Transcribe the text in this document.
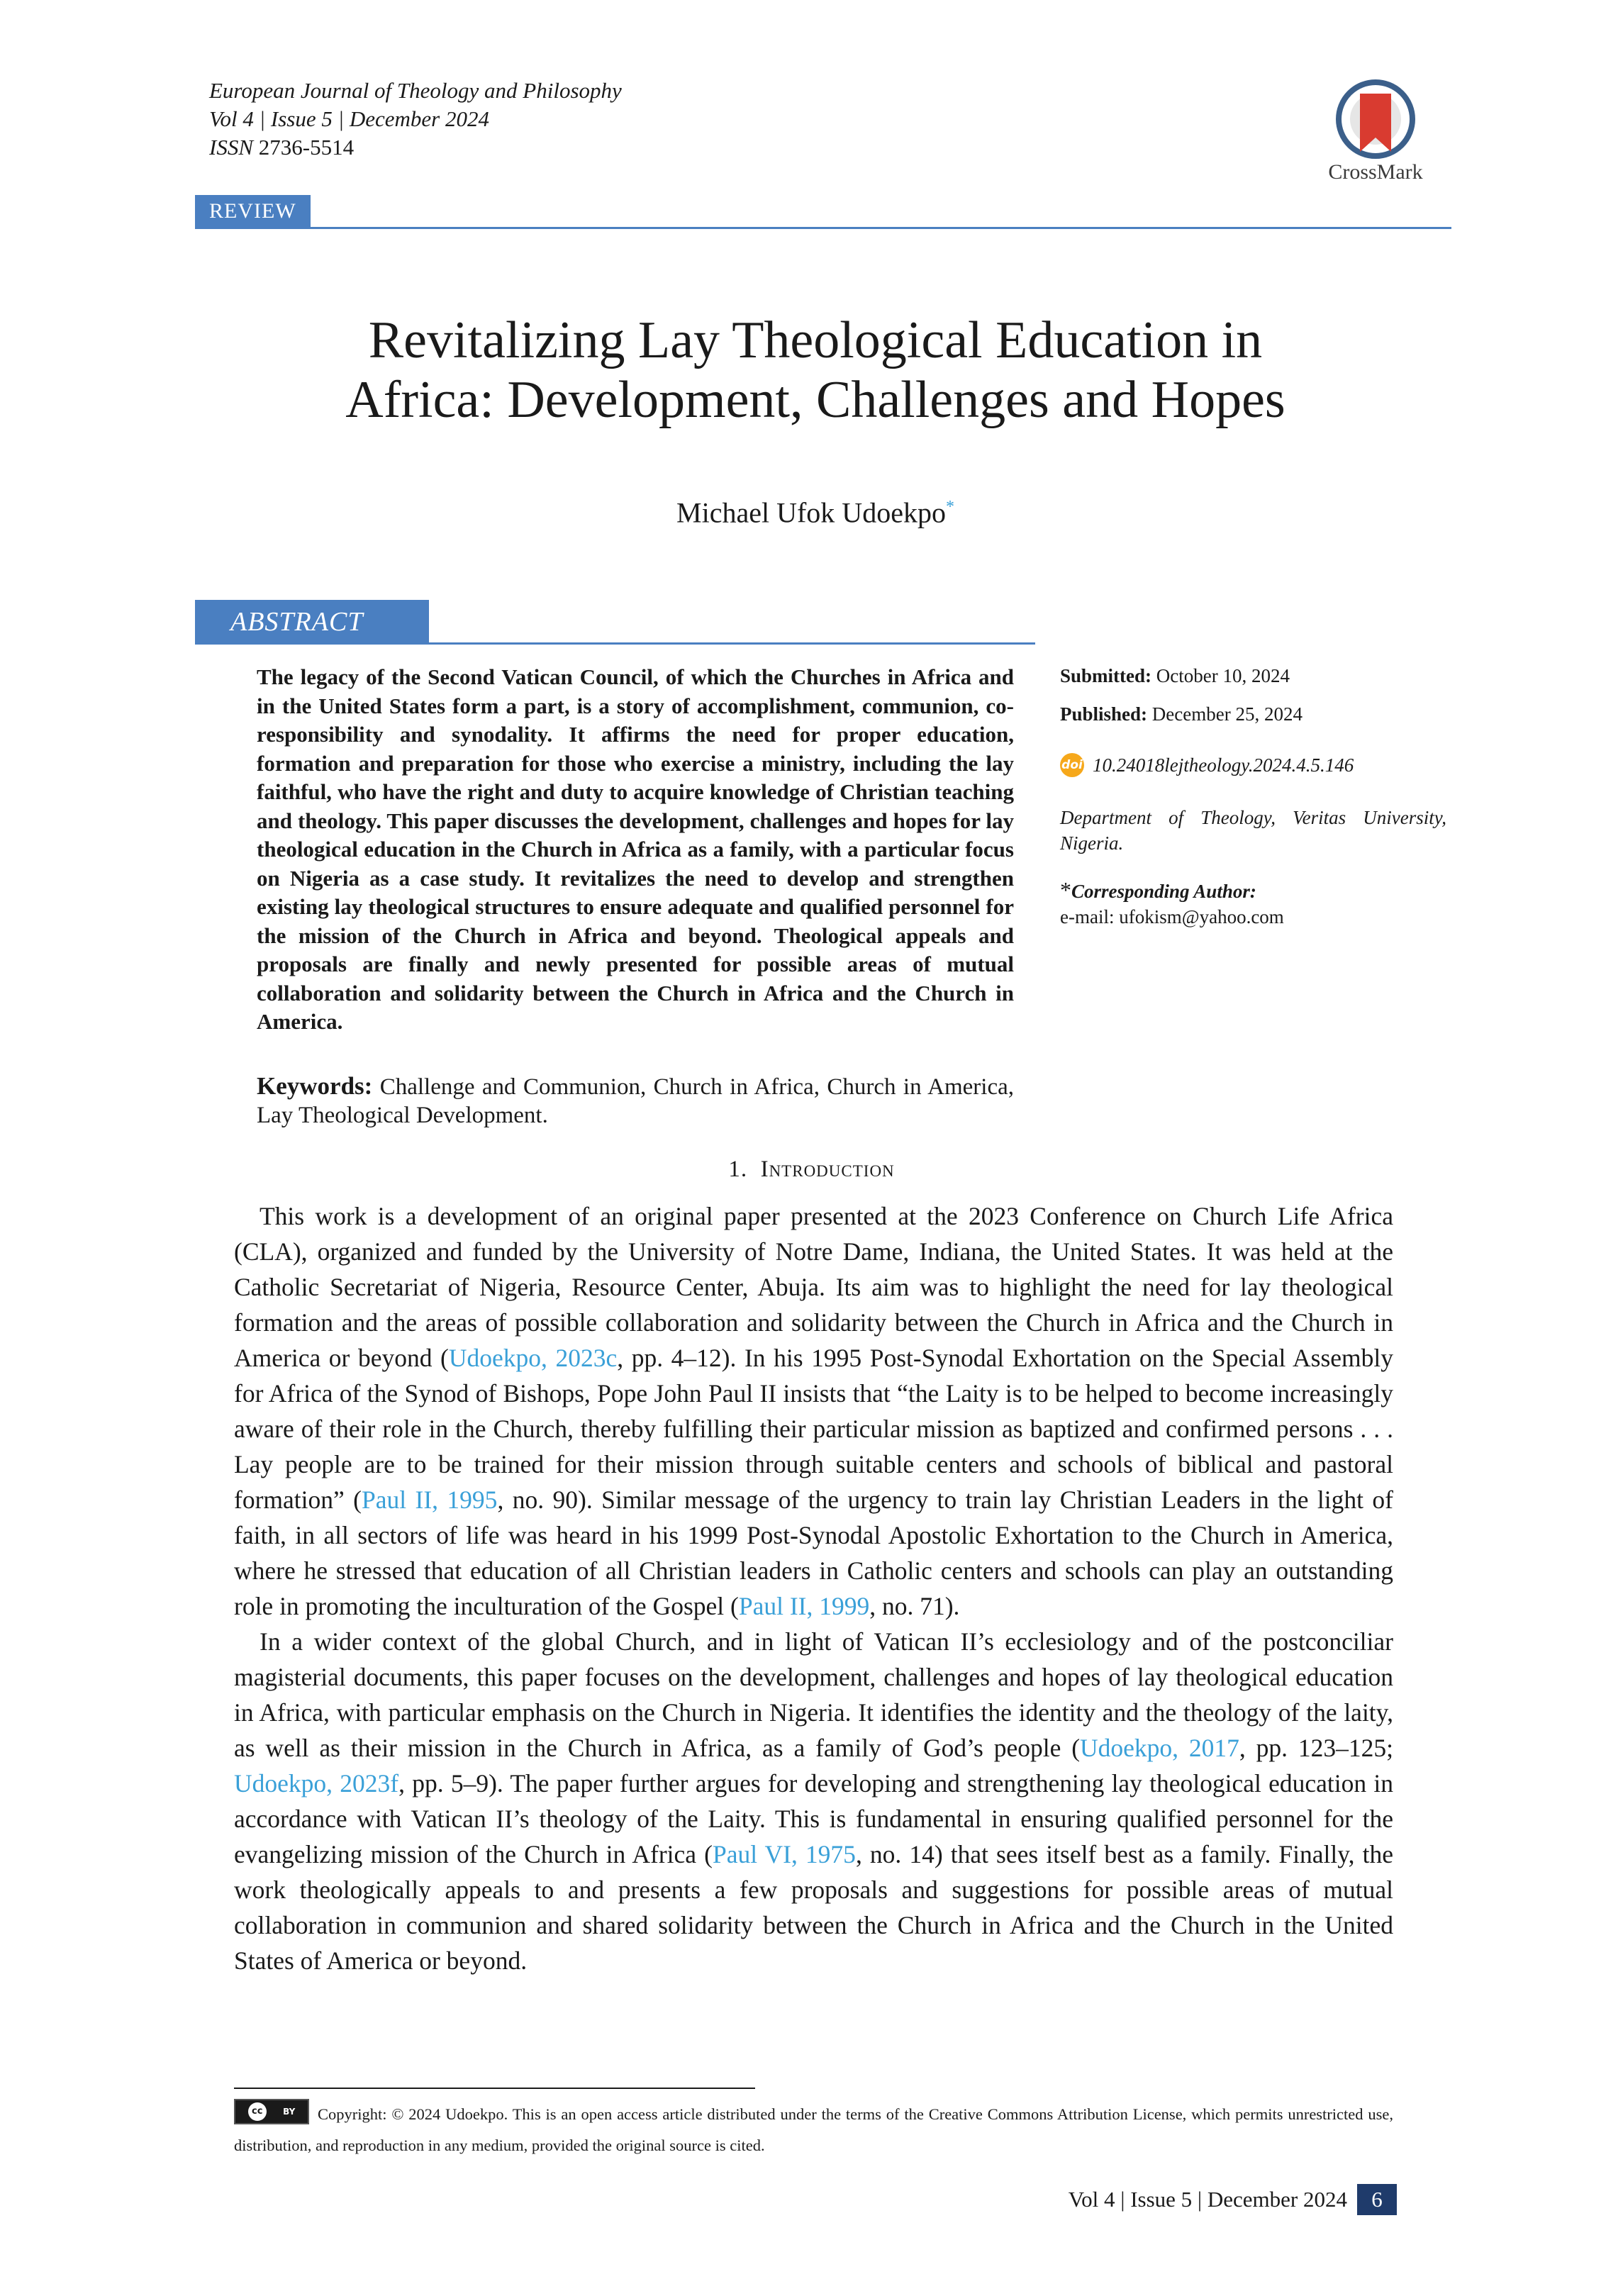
European Journal of Theology and Philosophy
Vol 4 | Issue 5 | December 2024
ISSN 2736-5514
CrossMark
REVIEW
Revitalizing Lay Theological Education in
Africa: Development, Challenges and Hopes
Michael Ufok Udoekpo*
ABSTRACT
The legacy of the Second Vatican Council, of which the Churches in Africa and in the United States form a part, is a story of accomplishment, communion, co-responsibility and synodality. It affirms the need for proper education, formation and preparation for those who exercise a ministry, including the lay faithful, who have the right and duty to acquire knowledge of Christian teaching and theology. This paper discusses the development, challenges and hopes for lay theological education in the Church in Africa as a family, with a particular focus on Nigeria as a case study. It revitalizes the need to develop and strengthen existing lay theological structures to ensure adequate and qualified personnel for the mission of the Church in Africa and beyond. Theological appeals and proposals are finally and newly presented for possible areas of mutual collaboration and solidarity between the Church in Africa and the Church in America.
Keywords: Challenge and Communion, Church in Africa, Church in America, Lay Theological Development.
Submitted: October 10, 2024
Published: December 25, 2024
doi 10.24018lejtheology.2024.4.5.146
Department of Theology, Veritas University, Nigeria.
*Corresponding Author:
e-mail: ufokism@yahoo.com
1. Introduction

This work is a development of an original paper presented at the 2023 Conference on Church Life Africa (CLA), organized and funded by the University of Notre Dame, Indiana, the United States. It was held at the Catholic Secretariat of Nigeria, Resource Center, Abuja. Its aim was to highlight the need for lay theological formation and the areas of possible collaboration and solidarity between the Church in Africa and the Church in America or beyond (Udoekpo, 2023c, pp. 4–12). In his 1995 Post-Synodal Exhortation on the Special Assembly for Africa of the Synod of Bishops, Pope John Paul II insists that “the Laity is to be helped to become increasingly aware of their role in the Church, thereby fulfilling their particular mission as baptized and confirmed persons . . . Lay people are to be trained for their mission through suitable centers and schools of biblical and pastoral formation” (Paul II, 1995, no. 90). Similar message of the urgency to train lay Christian Leaders in the light of faith, in all sectors of life was heard in his 1999 Post-Synodal Apostolic Exhortation to the Church in America, where he stressed that education of all Christian leaders in Catholic centers and schools can play an outstanding role in promoting the inculturation of the Gospel (Paul II, 1999, no. 71).

In a wider context of the global Church, and in light of Vatican II’s ecclesiology and of the postconciliar magisterial documents, this paper focuses on the development, challenges and hopes of lay theological education in Africa, with particular emphasis on the Church in Nigeria. It identifies the identity and the theology of the laity, as well as their mission in the Church in Africa, as a family of God’s people (Udoekpo, 2017, pp. 123–125; Udoekpo, 2023f, pp. 5–9). The paper further argues for developing and strengthening lay theological education in accordance with Vatican II’s theology of the Laity. This is fundamental in ensuring qualified personnel for the evangelizing mission of the Church in Africa (Paul VI, 1975, no. 14) that sees itself best as a family. Finally, the work theologically appeals to and presents a few proposals and suggestions for possible areas of mutual collaboration in communion and shared solidarity between the Church in Africa and the Church in the United States of America or beyond.

cc	BY	Copyright: © 2024 Udoekpo. This is an open access article distributed under the terms of the Creative Commons Attribution License, which permits unrestricted use, distribution, and reproduction in any medium, provided the original source is cited.
Vol 4 | Issue 5 | December 2024	6
